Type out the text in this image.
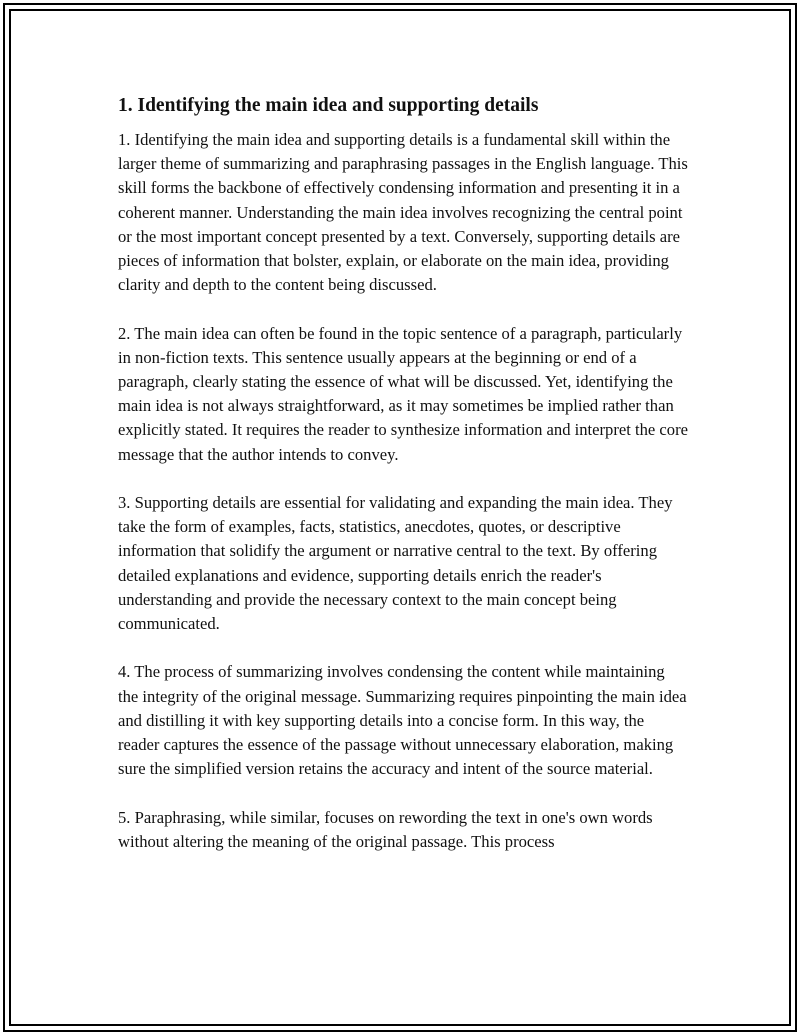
1. Identifying the main idea and supporting details

1. Identifying the main idea and supporting details is a fundamental skill within the larger theme of summarizing and paraphrasing passages in the English language. This skill forms the backbone of effectively condensing information and presenting it in a coherent manner. Understanding the main idea involves recognizing the central point or the most important concept presented by a text. Conversely, supporting details are pieces of information that bolster, explain, or elaborate on the main idea, providing clarity and depth to the content being discussed.

2. The main idea can often be found in the topic sentence of a paragraph, particularly in non-fiction texts. This sentence usually appears at the beginning or end of a paragraph, clearly stating the essence of what will be discussed. Yet, identifying the main idea is not always straightforward, as it may sometimes be implied rather than explicitly stated. It requires the reader to synthesize information and interpret the core message that the author intends to convey.

3. Supporting details are essential for validating and expanding the main idea. They take the form of examples, facts, statistics, anecdotes, quotes, or descriptive information that solidify the argument or narrative central to the text. By offering detailed explanations and evidence, supporting details enrich the reader's understanding and provide the necessary context to the main concept being communicated.

4. The process of summarizing involves condensing the content while maintaining the integrity of the original message. Summarizing requires pinpointing the main idea and distilling it with key supporting details into a concise form. In this way, the reader captures the essence of the passage without unnecessary elaboration, making sure the simplified version retains the accuracy and intent of the source material.

5. Paraphrasing, while similar, focuses on rewording the text in one's own words without altering the meaning of the original passage. This process
